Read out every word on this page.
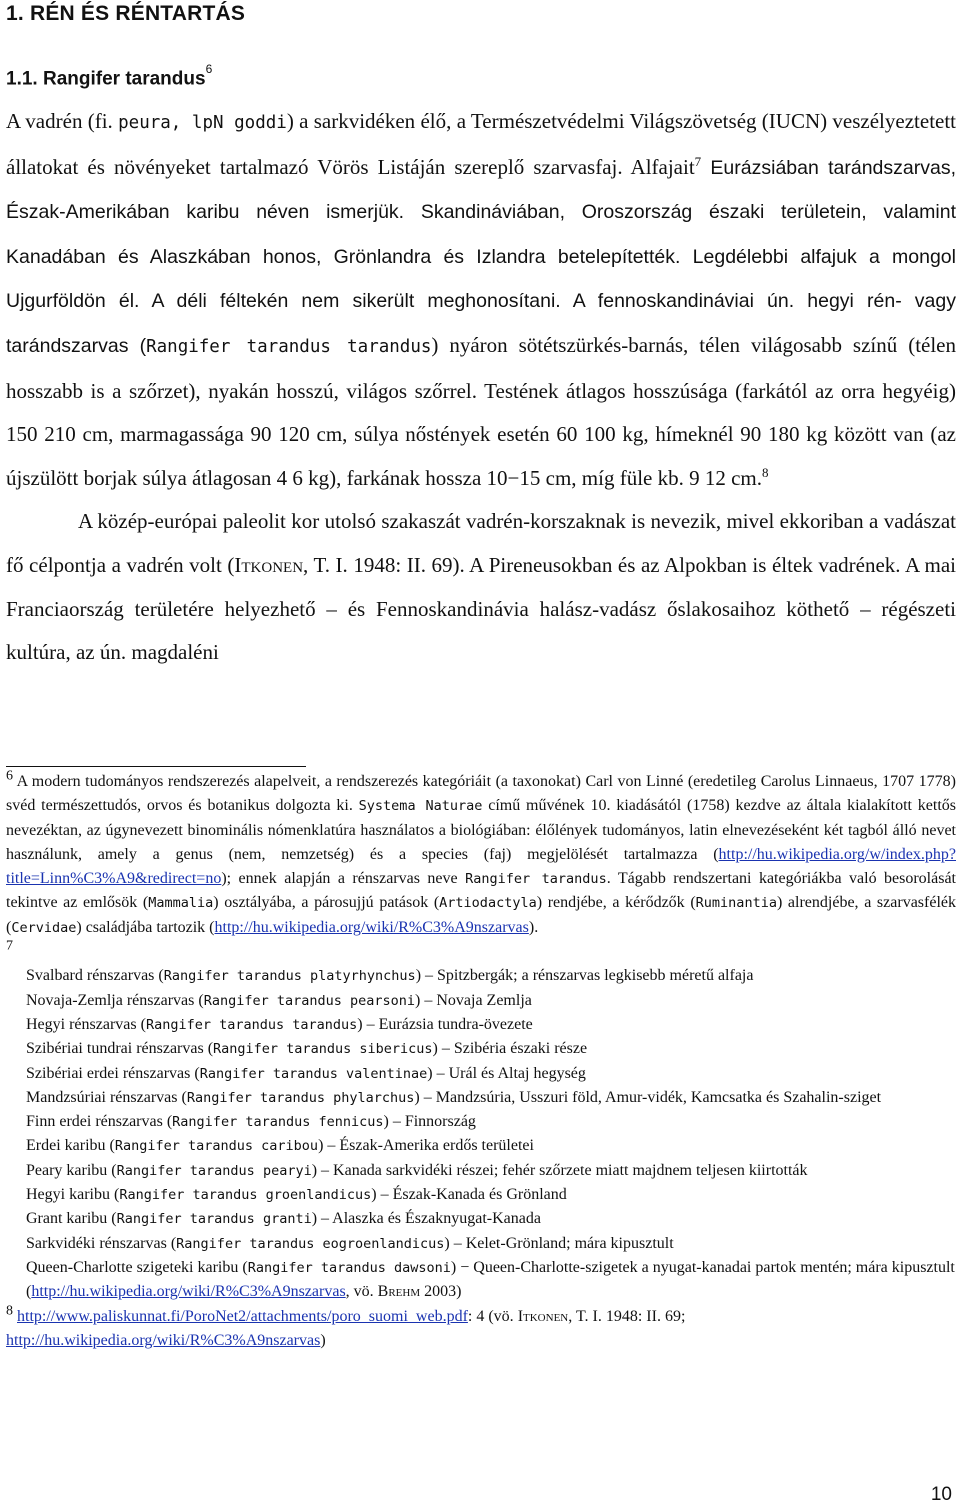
1. RÉN ÉS RÉNTARTÁS
1.1. Rangifer tarandus$^6$

A vadrén (fi. peura, lpN goddi) a sarkvidéken élő, a Természetvédelmi Világszövetség (IUCN) veszélyeztetett állatokat és növényeket tartalmazó Vörös Listáján szereplő szarvasfaj. Alfajait$^7$ Eurázsiában tarándszarvas, Észak-Amerikában karibu néven ismerjük. Skandináviában, Oroszország északi területein, valamint Kanadában és Alaszkában honos, Grönlandra és Izlandra betelepítették. Legdélebbi alfajuk a mongol Ujgurföldön él. A déli féltekén nem sikerült meghonosítani. A fennoskandináviai ún. hegyi rén- vagy tarándszarvas (Rangifer tarandus tarandus) nyáron sötétszürkés-barnás, télen világosabb színű (télen hosszabb is a szőrzet), nyakán hosszú, világos szőrrel. Testének átlagos hosszúsága (farkától az orra hegyéig) 150 210 cm, marmagassága 90 120 cm, súlya nőstények esetén 60 100 kg, hímeknél 90 180 kg között van (az újszülött borjak súlya átlagosan 4 6 kg), farkának hossza 10−15 cm, míg füle kb. 9 12 cm.$^8$

A közép-európai paleolit kor utolsó szakaszát vadrén-korszaknak is nevezik, mivel ekkoriban a vadászat fő célpontja a vadrén volt (Itkonen, T. I. 1948: II. 69). A Pireneusokban és az Alpokban is éltek vadrének. A mai Franciaország területére helyezhető – és Fennoskandinávia halász-vadász őslakosaihoz köthető – régészeti kultúra, az ún. magdaléni

6 A modern tudományos rendszerezés alapelveit, a rendszerezés kategóriáit (a taxonokat) Carl von Linné (eredetileg Carolus Linnaeus, 1707 1778) svéd természettudós, orvos és botanikus dolgozta ki. Systema Naturae című művének 10. kiadásától (1758) kezdve az általa kialakított kettős nevezéktan, az úgynevezett binominális nómenklatúra használatos a biológiában: élőlények tudományos, latin elnevezéseként két tagból álló nevet használunk, amely a genus (nem, nemzetség) és a species (faj) megjelölését tartalmazza (http://hu.wikipedia.org/w/index.php?title=Linn%C3%A9&redirect=no); ennek alapján a rénszarvas neve Rangifer tarandus. Tágabb rendszertani kategóriákba való besorolását tekintve az emlősök (Mammalia) osztályába, a párosujjú patások (Artiodactyla) rendjébe, a kérődzők (Ruminantia) alrendjébe, a szarvasfélék (Cervidae) családjába tartozik (http://hu.wikipedia.org/wiki/R%C3%A9nszarvas).

7
Svalbard rénszarvas (Rangifer tarandus platyrhynchus) – Spitzbergák; a rénszarvas legkisebb méretű alfaja
Novaja-Zemlja rénszarvas (Rangifer tarandus pearsoni) – Novaja Zemlja
Hegyi rénszarvas (Rangifer tarandus tarandus) – Eurázsia tundra-övezete
Szibériai tundrai rénszarvas (Rangifer tarandus sibericus) – Szibéria északi része
Szibériai erdei rénszarvas (Rangifer tarandus valentinae) – Urál és Altaj hegység
Mandzsúriai rénszarvas (Rangifer tarandus phylarchus) – Mandzsúria, Usszuri föld, Amur-vidék, Kamcsatka és Szahalin-sziget
Finn erdei rénszarvas (Rangifer tarandus fennicus) – Finnország
Erdei karibu (Rangifer tarandus caribou) – Észak-Amerika erdős területei
Peary karibu (Rangifer tarandus pearyi) – Kanada sarkvidéki részei; fehér szőrzete miatt majdnem teljesen kiirtották
Hegyi karibu (Rangifer tarandus groenlandicus) – Észak-Kanada és Grönland
Grant karibu (Rangifer tarandus granti) – Alaszka és Északnyugat-Kanada
Sarkvidéki rénszarvas (Rangifer tarandus eogroenlandicus) – Kelet-Grönland; mára kipusztult
Queen-Charlotte szigeteki karibu (Rangifer tarandus dawsoni) − Queen-Charlotte-szigetek a nyugat-kanadai partok mentén; mára kipusztult
(http://hu.wikipedia.org/wiki/R%C3%A9nszarvas, vö. Brehm 2003)

8 http://www.paliskunnat.fi/PoroNet2/attachments/poro_suomi_web.pdf: 4 (vö. Itkonen, T. I. 1948: II. 69;
http://hu.wikipedia.org/wiki/R%C3%A9nszarvas)

10
